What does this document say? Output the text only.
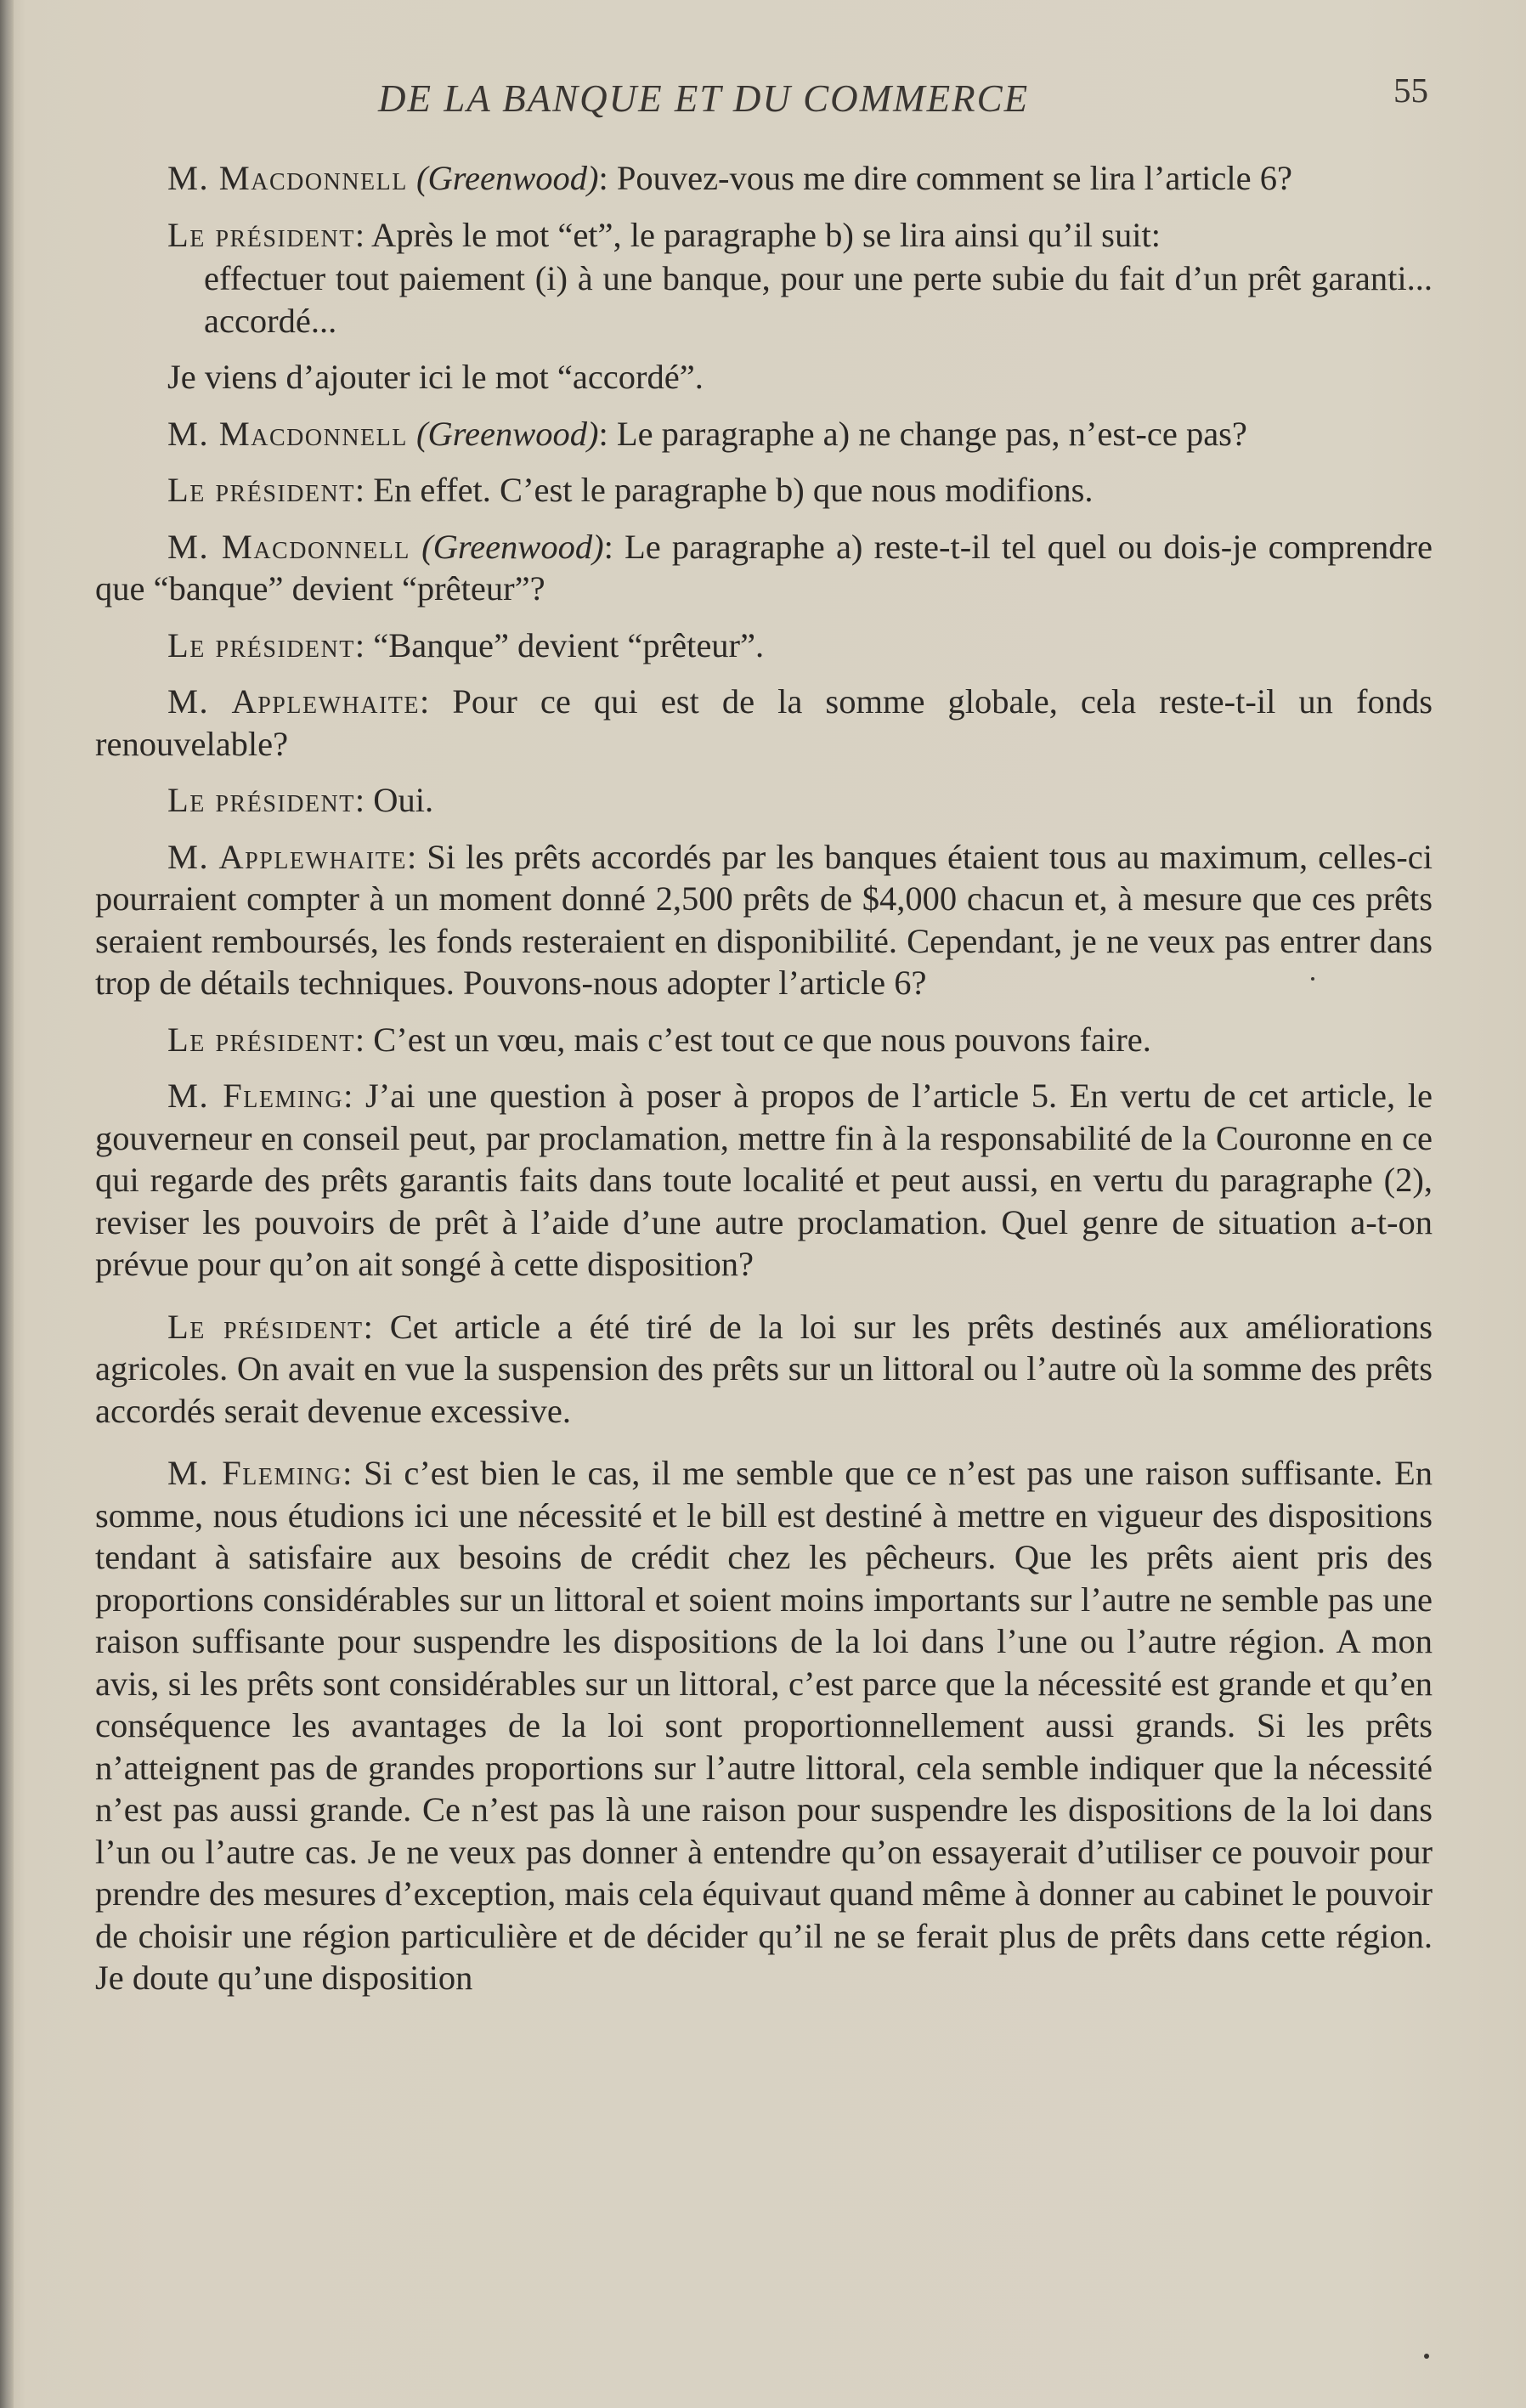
DE LA BANQUE ET DU COMMERCE	55

M. Macdonnell (Greenwood): Pouvez-vous me dire comment se lira l’article 6?

Le président: Après le mot “et”, le paragraphe b) se lira ainsi qu’il suit:

effectuer tout paiement (i) à une banque, pour une perte subie du fait d’un prêt garanti... accordé...

Je viens d’ajouter ici le mot “accordé”.

M. Macdonnell (Greenwood): Le paragraphe a) ne change pas, n’est-ce pas?

Le président: En effet. C’est le paragraphe b) que nous modifions.

M. Macdonnell (Greenwood): Le paragraphe a) reste-t-il tel quel ou dois-je comprendre que “banque” devient “prêteur”?

Le président: “Banque” devient “prêteur”.

M. Applewhaite: Pour ce qui est de la somme globale, cela reste-t-il un fonds renouvelable?

Le président: Oui.

M. Applewhaite: Si les prêts accordés par les banques étaient tous au maximum, celles-ci pourraient compter à un moment donné 2,500 prêts de $4,000 chacun et, à mesure que ces prêts seraient remboursés, les fonds resteraient en disponibilité. Cependant, je ne veux pas entrer dans trop de détails techniques. Pouvons-nous adopter l’article 6?

Le président: C’est un vœu, mais c’est tout ce que nous pouvons faire.

M. Fleming: J’ai une question à poser à propos de l’article 5. En vertu de cet article, le gouverneur en conseil peut, par proclamation, mettre fin à la responsabilité de la Couronne en ce qui regarde des prêts garantis faits dans toute localité et peut aussi, en vertu du paragraphe (2), reviser les pouvoirs de prêt à l’aide d’une autre proclamation. Quel genre de situation a-t-on prévue pour qu’on ait songé à cette disposition?

Le président: Cet article a été tiré de la loi sur les prêts destinés aux améliorations agricoles. On avait en vue la suspension des prêts sur un littoral ou l’autre où la somme des prêts accordés serait devenue excessive.

M. Fleming: Si c’est bien le cas, il me semble que ce n’est pas une raison suffisante. En somme, nous étudions ici une nécessité et le bill est destiné à mettre en vigueur des dispositions tendant à satisfaire aux besoins de crédit chez les pêcheurs. Que les prêts aient pris des proportions considérables sur un littoral et soient moins importants sur l’autre ne semble pas une raison suffisante pour suspendre les dispositions de la loi dans l’une ou l’autre région. A mon avis, si les prêts sont considérables sur un littoral, c’est parce que la nécessité est grande et qu’en conséquence les avantages de la loi sont proportionnellement aussi grands. Si les prêts n’atteignent pas de grandes proportions sur l’autre littoral, cela semble indiquer que la nécessité n’est pas aussi grande. Ce n’est pas là une raison pour suspendre les dispositions de la loi dans l’un ou l’autre cas. Je ne veux pas donner à entendre qu’on essayerait d’utiliser ce pouvoir pour prendre des mesures d’exception, mais cela équivaut quand même à donner au cabinet le pouvoir de choisir une région particulière et de décider qu’il ne se ferait plus de prêts dans cette région. Je doute qu’une disposition
